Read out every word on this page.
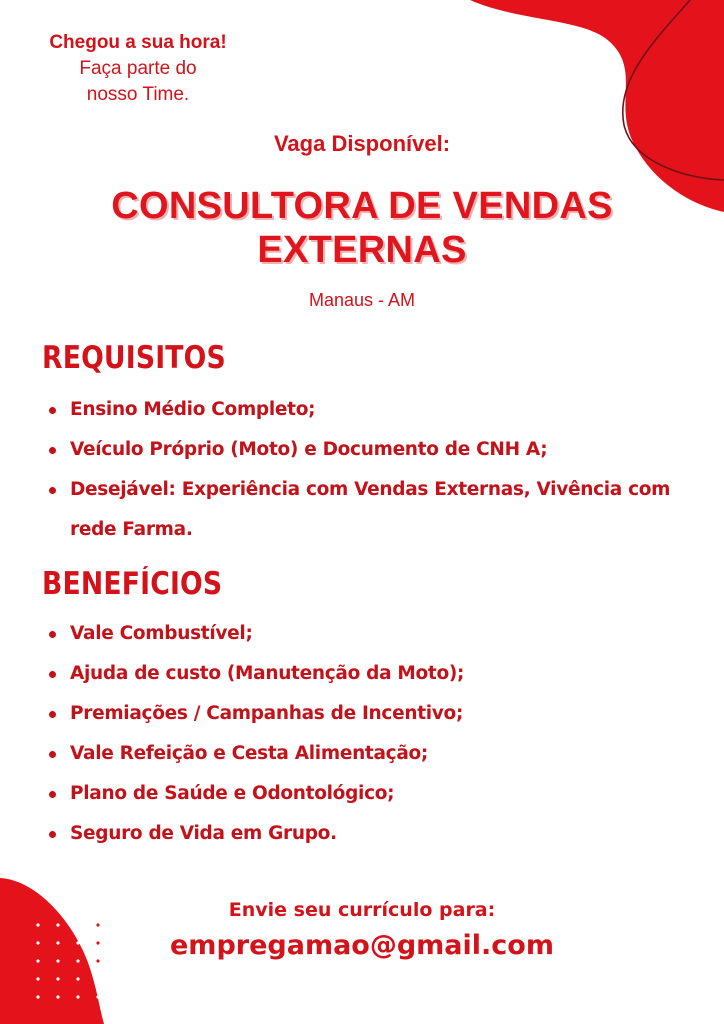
Chegou a sua hora!
Faça parte do
nosso Time.
Vaga Disponível:
CONSULTORA DE VENDAS EXTERNAS
Manaus - AM
REQUISITOS
Ensino Médio Completo;
Veículo Próprio (Moto) e Documento de CNH A;
Desejável: Experiência com Vendas Externas, Vivência com rede Farma.
BENEFÍCIOS
Vale Combustível;
Ajuda de custo (Manutenção da Moto);
Premiações / Campanhas de Incentivo;
Vale Refeição e Cesta Alimentação;
Plano de Saúde e Odontológico;
Seguro de Vida em Grupo.
Envie seu currículo para:
empregamao@gmail.com
